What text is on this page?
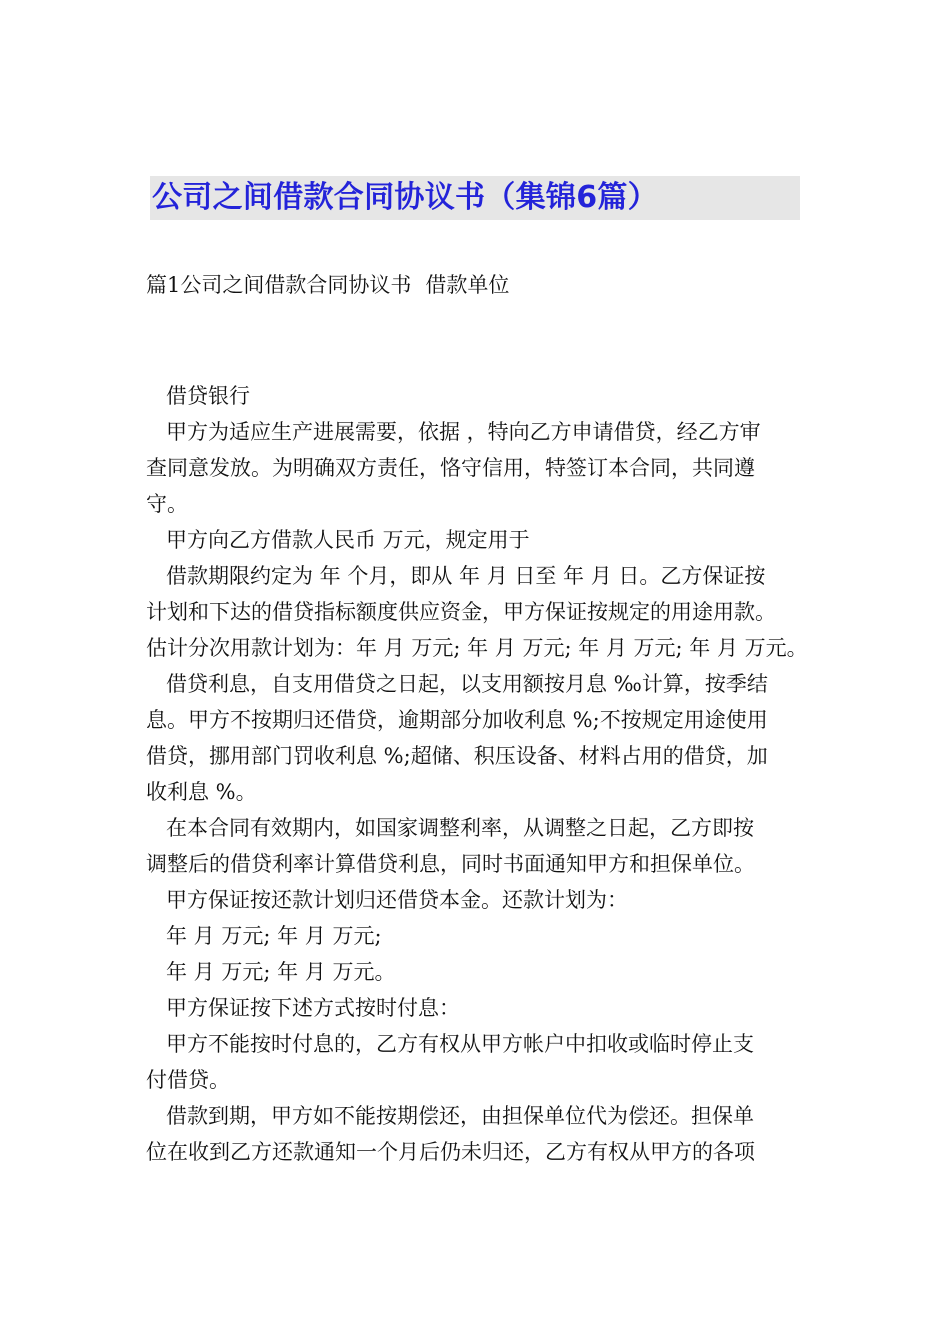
公司之间借款合同协议书（集锦6篇）
篇1公司之间借款合同协议书 借款单位
借贷银行
甲方为适应生产进展需要，依据 ，特向乙方申请借贷，经乙方审
查同意发放。为明确双方责任，恪守信用，特签订本合同，共同遵
守。
甲方向乙方借款人民币 万元，规定用于
借款期限约定为 年 个月，即从 年 月 日至 年 月 日。乙方保证按
计划和下达的借贷指标额度供应资金，甲方保证按规定的用途用款。
估计分次用款计划为：年 月 万元; 年 月 万元; 年 月 万元; 年 月 万元。
借贷利息，自支用借贷之日起，以支用额按月息 ‰计算，按季结
息。甲方不按期归还借贷，逾期部分加收利息 %;不按规定用途使用
借贷，挪用部门罚收利息 %;超储、积压设备、材料占用的借贷，加
收利息 %。
在本合同有效期内，如国家调整利率，从调整之日起，乙方即按
调整后的借贷利率计算借贷利息，同时书面通知甲方和担保单位。
甲方保证按还款计划归还借贷本金。还款计划为：
年 月 万元; 年 月 万元;
年 月 万元; 年 月 万元。
甲方保证按下述方式按时付息：
甲方不能按时付息的，乙方有权从甲方帐户中扣收或临时停止支
付借贷。
借款到期，甲方如不能按期偿还，由担保单位代为偿还。担保单
位在收到乙方还款通知一个月后仍未归还，乙方有权从甲方的各项
